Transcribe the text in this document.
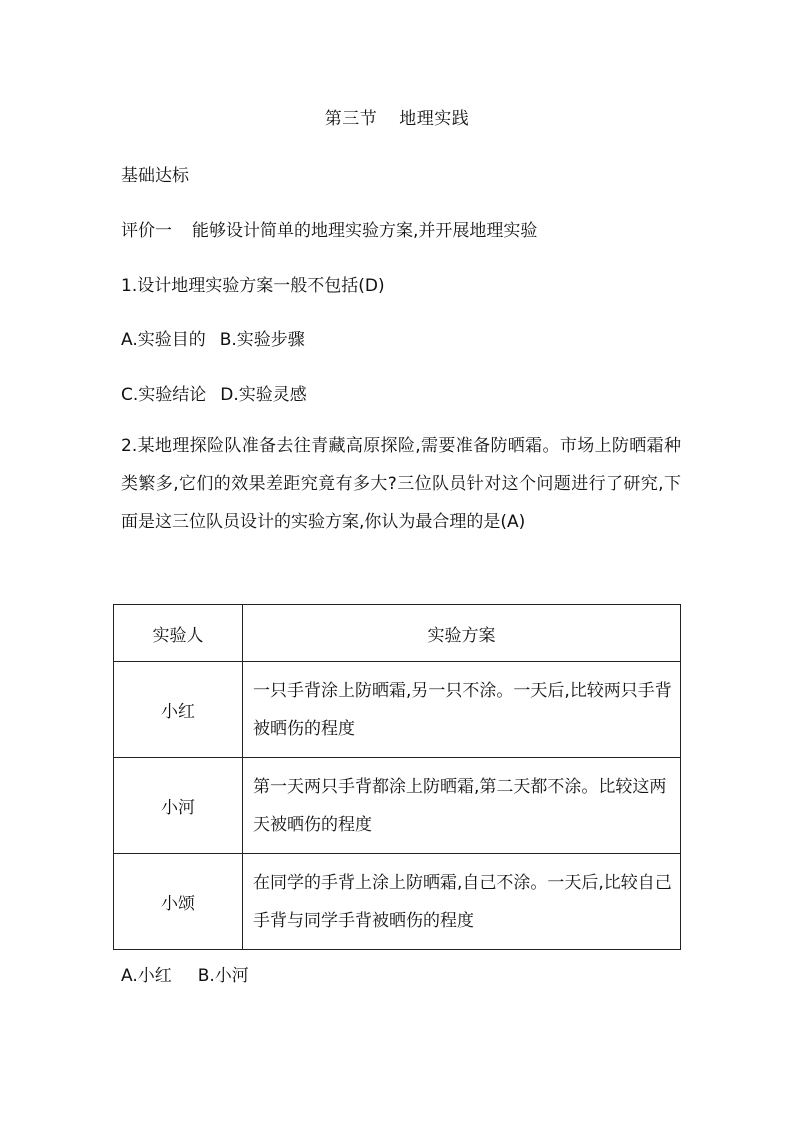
第三节 地理实践
基础达标
评价一 能够设计简单的地理实验方案,并开展地理实验
1.设计地理实验方案一般不包括(D)
A.实验目的 B.实验步骤
C.实验结论 D.实验灵感
2.某地理探险队准备去往青藏高原探险,需要准备防晒霜。市场上防晒霜种类繁多,它们的效果差距究竟有多大?三位队员针对这个问题进行了研究,下面是这三位队员设计的实验方案,你认为最合理的是(A)
实验人	实验方案
小红	一只手背涂上防晒霜,另一只不涂。一天后,比较两只手背被晒伤的程度
小河	第一天两只手背都涂上防晒霜,第二天都不涂。比较这两天被晒伤的程度
小颂	在同学的手背上涂上防晒霜,自己不涂。一天后,比较自己手背与同学手背被晒伤的程度
A.小红 B.小河
